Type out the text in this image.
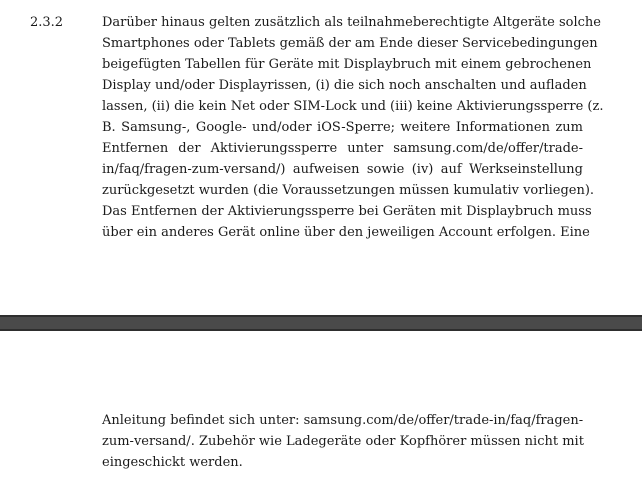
2.3.2	Darüber hinaus gelten zusätzlich als teilnahmeberechtigte Altgeräte solche
Smartphones oder Tablets gemäß der am Ende dieser Servicebedingungen
beigefügten Tabellen für Geräte mit Displaybruch mit einem gebrochenen
Display und/oder Displayrissen, (i) die sich noch anschalten und aufladen
lassen, (ii) die kein Net oder SIM-Lock und (iii) keine Aktivierungssperre (z.
B. Samsung-, Google- und/oder iOS-Sperre; weitere Informationen zum
Entfernen der Aktivierungssperre unter samsung.com/de/offer/trade-
in/faq/fragen-zum-versand/) aufweisen sowie (iv) auf Werkseinstellung
zurückgesetzt wurden (die Voraussetzungen müssen kumulativ vorliegen).
Das Entfernen der Aktivierungssperre bei Geräten mit Displaybruch muss
über ein anderes Gerät online über den jeweiligen Account erfolgen. Eine
Anleitung befindet sich unter: samsung.com/de/offer/trade-in/faq/fragen-
zum-versand/. Zubehör wie Ladegeräte oder Kopfhörer müssen nicht mit
eingeschickt werden.
